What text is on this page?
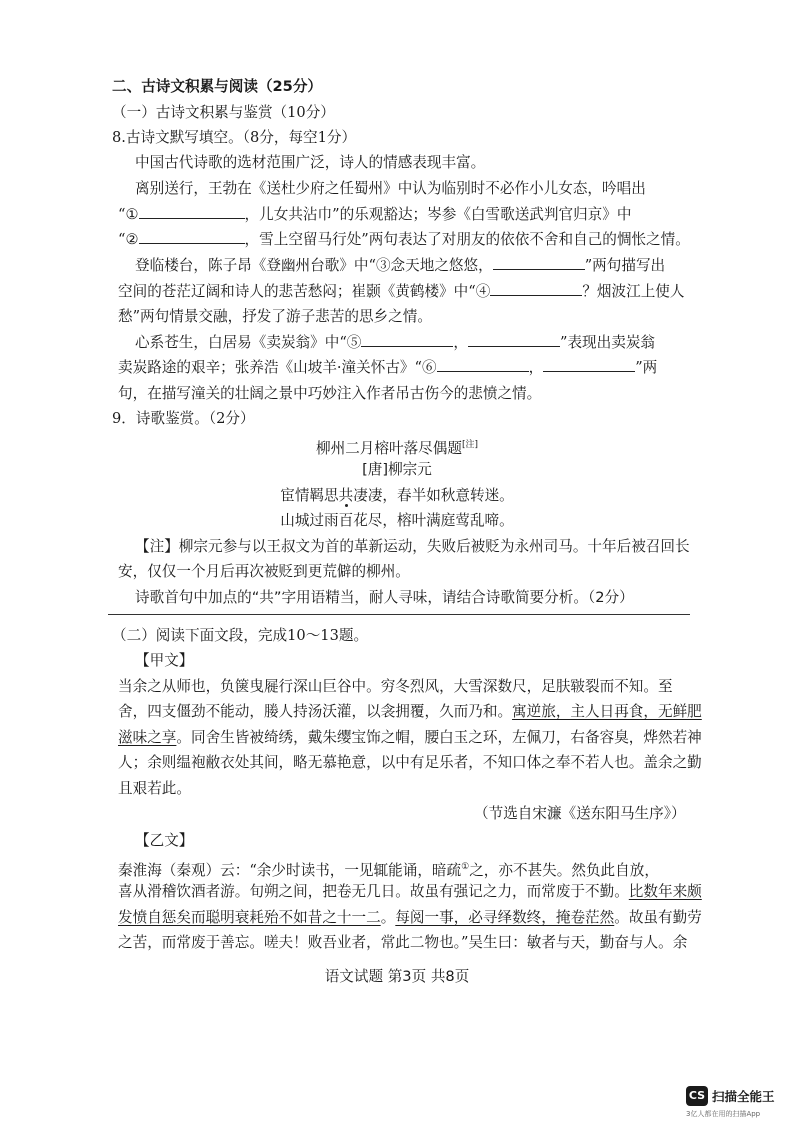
二、古诗文积累与阅读（25分）
（一）古诗文积累与鉴赏（10分）
8.古诗文默写填空。（8分，每空1分）
中国古代诗歌的选材范围广泛，诗人的情感表现丰富。
离别送行，王勃在《送杜少府之任蜀州》中认为临别时不必作小儿女态，吟唱出
“①	，儿女共沾巾”的乐观豁达；岑参《白雪歌送武判官归京》中
“②	，雪上空留马行处”两句表达了对朋友的依依不舍和自己的惆怅之情。
登临楼台，陈子昂《登幽州台歌》中“③念天地之悠悠，	”两句描写出
空间的苍茫辽阔和诗人的悲苦愁闷；崔颢《黄鹤楼》中“④	？烟波江上使人
愁”两句情景交融，抒发了游子悲苦的思乡之情。
心系苍生，白居易《卖炭翁》中“⑤	，	”表现出卖炭翁
卖炭路途的艰辛；张养浩《山坡羊·潼关怀古》“⑥	，	”两
句，在描写潼关的壮阔之景中巧妙注入作者吊古伤今的悲愤之情。
9．诗歌鉴赏。（2分）
柳州二月榕叶落尽偶题[注]
[唐]柳宗元
宦情羁思共
凄凄，春半如秋意转迷。
山城过雨百花尽，榕叶满庭莺乱啼。
【注】柳宗元参与以王叔文为首的革新运动，失败后被贬为永州司马。十年后被召回长
安，仅仅一个月后再次被贬到更荒僻的柳州。
诗歌首句中加点的“共”字用语精当，耐人寻味，请结合诗歌简要分析。（2分）
（二）阅读下面文段，完成10～13题。
【甲文】
当余之从师也，负箧曳屣行深山巨谷中。穷冬烈风，大雪深数尺，足肤皲裂而不知。至
舍，四支僵劲不能动，媵人持汤沃灌，以衾拥覆，久而乃和。寓逆旅，主人日再食，无鲜肥
滋味之享。同舍生皆被绮绣，戴朱缨宝饰之帽，腰白玉之环，左佩刀，右备容臭，烨然若神
人；余则缊袍敝衣处其间，略无慕艳意，以中有足乐者，不知口体之奉不若人也。盖余之勤
且艰若此。
（节选自宋濂《送东阳马生序》）
【乙文】
秦淮海（秦观）云：“余少时读书，一见辄能诵，暗疏①之，亦不甚失。然负此自放，
喜从滑稽饮酒者游。旬朔之间，把卷无几日。故虽有强记之力，而常废于不勤。比数年来颇
发愤自惩矣而聪明衰耗殆不如昔之十一二。每阅一事，必寻绎数终，掩卷茫然。故虽有勤劳
之苦，而常废于善忘。嗟夫！败吾业者，常此二物也。”吴生曰：敏者与天，勤奋与人。余
语文试题 第3页 共8页
CS 扫描全能王
3亿人都在用的扫描App
